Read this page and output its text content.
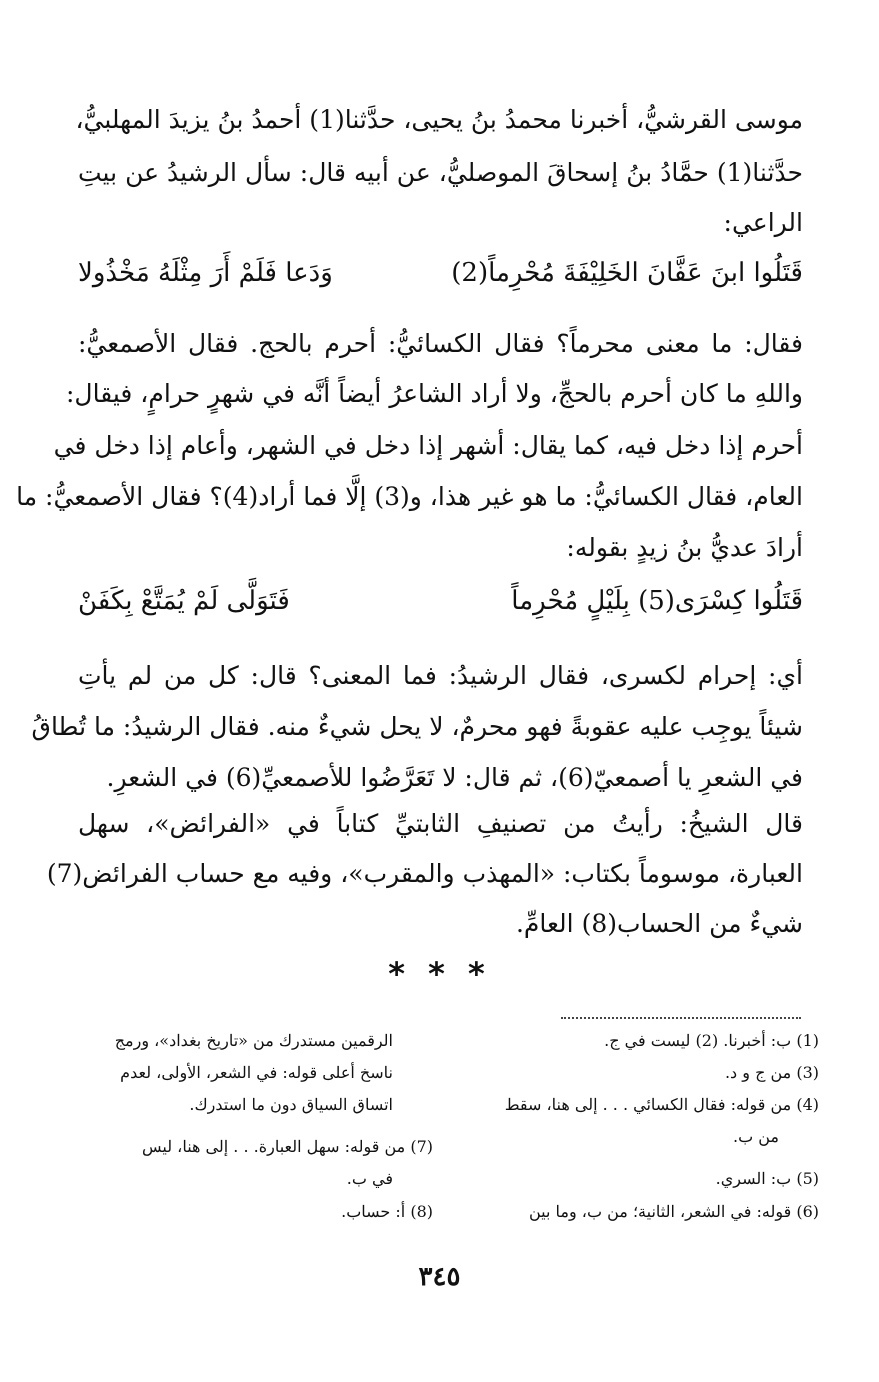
موسى القرشيُّ، أخبرنا محمدُ بنُ يحيى، حدَّثنا(1) أحمدُ بنُ يزيدَ المهلبيُّ،
حدَّثنا(1) حمَّادُ بنُ إسحاقَ الموصليُّ، عن أبيه قال: سأل الرشيدُ عن بيتِ
الراعي:
قَتَلُوا ابنَ عَفَّانَ الخَلِيْفَةَ مُحْرِماً(2)
وَدَعا فَلَمْ أَرَ مِثْلَهُ مَخْذُولا
فقال: ما معنى محرماً؟ فقال الكسائيُّ: أحرم بالحج. فقال الأصمعيُّ:
واللهِ ما كان أحرم بالحجِّ، ولا أراد الشاعرُ أيضاً أنَّه في شهرٍ حرامٍ، فيقال:
أحرم إذا دخل فيه، كما يقال: أشهر إذا دخل في الشهر، وأعام إذا دخل في
العام، فقال الكسائيُّ: ما هو غير هذا، و(3) إلَّا فما أراد(4)؟ فقال الأصمعيُّ: ما
أرادَ عديُّ بنُ زيدٍ بقوله:
قَتَلُوا كِسْرَى(5) بِلَيْلٍ مُحْرِماً
فَتَوَلَّى لَمْ يُمَتَّعْ بِكَفَنْ
أي: إحرام لكسرى، فقال الرشيدُ: فما المعنى؟ قال: كل من لم يأتِ
شيئاً يوجِب عليه عقوبةً فهو محرمٌ، لا يحل شيءٌ منه. فقال الرشيدُ: ما تُطاقُ
في الشعرِ يا أصمعيّ(6)، ثم قال: لا تَعَرَّضُوا للأصمعيِّ(6) في الشعرِ.
قال الشيخُ: رأيتُ من تصنيفِ الثابتيِّ كتاباً في «الفرائض»، سهل
العبارة، موسوماً بكتاب: «المهذب والمقرب»، وفيه مع حساب الفرائض(7)
شيءٌ من الحساب(8) العامِّ.
* * *
(1) ب: أخبرنا. (2) ليست في ج.
(3) من ج و د.
(4) من قوله: فقال الكسائي . . . إلى هنا، سقط
من ب.
(5) ب: السري.
(6) قوله: في الشعر، الثانية؛ من ب، وما بين
الرقمين مستدرك من «تاريخ بغداد»، ورمج
ناسخ أعلى قوله: في الشعر، الأولى، لعدم
اتساق السياق دون ما استدرك.
(7) من قوله: سهل العبارة. . . إلى هنا، ليس
في ب.
(8) أ: حساب.
٣٤٥
